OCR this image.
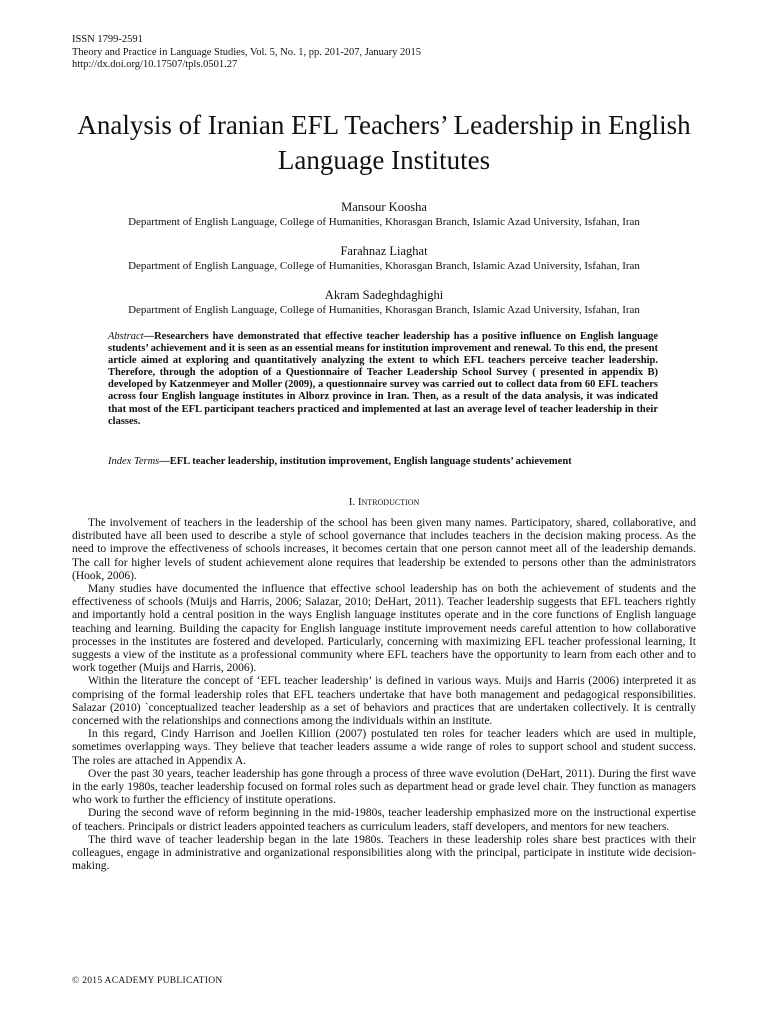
ISSN 1799-2591
Theory and Practice in Language Studies, Vol. 5, No. 1, pp. 201-207, January 2015
http://dx.doi.org/10.17507/tpls.0501.27
Analysis of Iranian EFL Teachers’ Leadership in English Language Institutes
Mansour Koosha
Department of English Language, College of Humanities, Khorasgan Branch, Islamic Azad University, Isfahan, Iran
Farahnaz Liaghat
Department of English Language, College of Humanities, Khorasgan Branch, Islamic Azad University, Isfahan, Iran
Akram Sadeghdaghighi
Department of English Language, College of Humanities, Khorasgan Branch, Islamic Azad University, Isfahan, Iran
Abstract—Researchers have demonstrated that effective teacher leadership has a positive influence on English language students’ achievement and it is seen as an essential means for institution improvement and renewal. To this end, the present article aimed at exploring and quantitatively analyzing the extent to which EFL teachers perceive teacher leadership. Therefore, through the adoption of a Questionnaire of Teacher Leadership School Survey ( presented in appendix B) developed by Katzenmeyer and Moller (2009), a questionnaire survey was carried out to collect data from 60 EFL teachers across four English language institutes in Alborz province in Iran. Then, as a result of the data analysis, it was indicated that most of the EFL participant teachers practiced and implemented at last an average level of teacher leadership in their classes.
Index Terms—EFL teacher leadership, institution improvement, English language students’ achievement
I. Introduction

The involvement of teachers in the leadership of the school has been given many names. Participatory, shared, collaborative, and distributed have all been used to describe a style of school governance that includes teachers in the decision making process. As the need to improve the effectiveness of schools increases, it becomes certain that one person cannot meet all of the leadership demands. The call for higher levels of student achievement alone requires that leadership be extended to persons other than the administrators (Hook, 2006).

Many studies have documented the influence that effective school leadership has on both the achievement of students and the effectiveness of schools (Muijs and Harris, 2006; Salazar, 2010; DeHart, 2011). Teacher leadership suggests that EFL teachers rightly and importantly hold a central position in the ways English language institutes operate and in the core functions of English language teaching and learning. Building the capacity for English language institute improvement needs careful attention to how collaborative processes in the institutes are fostered and developed. Particularly, concerning with maximizing EFL teacher professional learning, It suggests a view of the institute as a professional community where EFL teachers have the opportunity to learn from each other and to work together (Muijs and Harris, 2006).

Within the literature the concept of ‘EFL teacher leadership’ is defined in various ways. Muijs and Harris (2006) interpreted it as comprising of the formal leadership roles that EFL teachers undertake that have both management and pedagogical responsibilities. Salazar (2010) `conceptualized teacher leadership as a set of behaviors and practices that are undertaken collectively. It is centrally concerned with the relationships and connections among the individuals within an institute.

In this regard, Cindy Harrison and Joellen Killion (2007) postulated ten roles for teacher leaders which are used in multiple, sometimes overlapping ways. They believe that teacher leaders assume a wide range of roles to support school and student success. The roles are attached in Appendix A.

Over the past 30 years, teacher leadership has gone through a process of three wave evolution (DeHart, 2011). During the first wave in the early 1980s, teacher leadership focused on formal roles such as department head or grade level chair. They function as managers who work to further the efficiency of institute operations.

During the second wave of reform beginning in the mid-1980s, teacher leadership emphasized more on the instructional expertise of teachers. Principals or district leaders appointed teachers as curriculum leaders, staff developers, and mentors for new teachers.

The third wave of teacher leadership began in the late 1980s. Teachers in these leadership roles share best practices with their colleagues, engage in administrative and organizational responsibilities along with the principal, participate in institute wide decision-making.

© 2015 ACADEMY PUBLICATION
